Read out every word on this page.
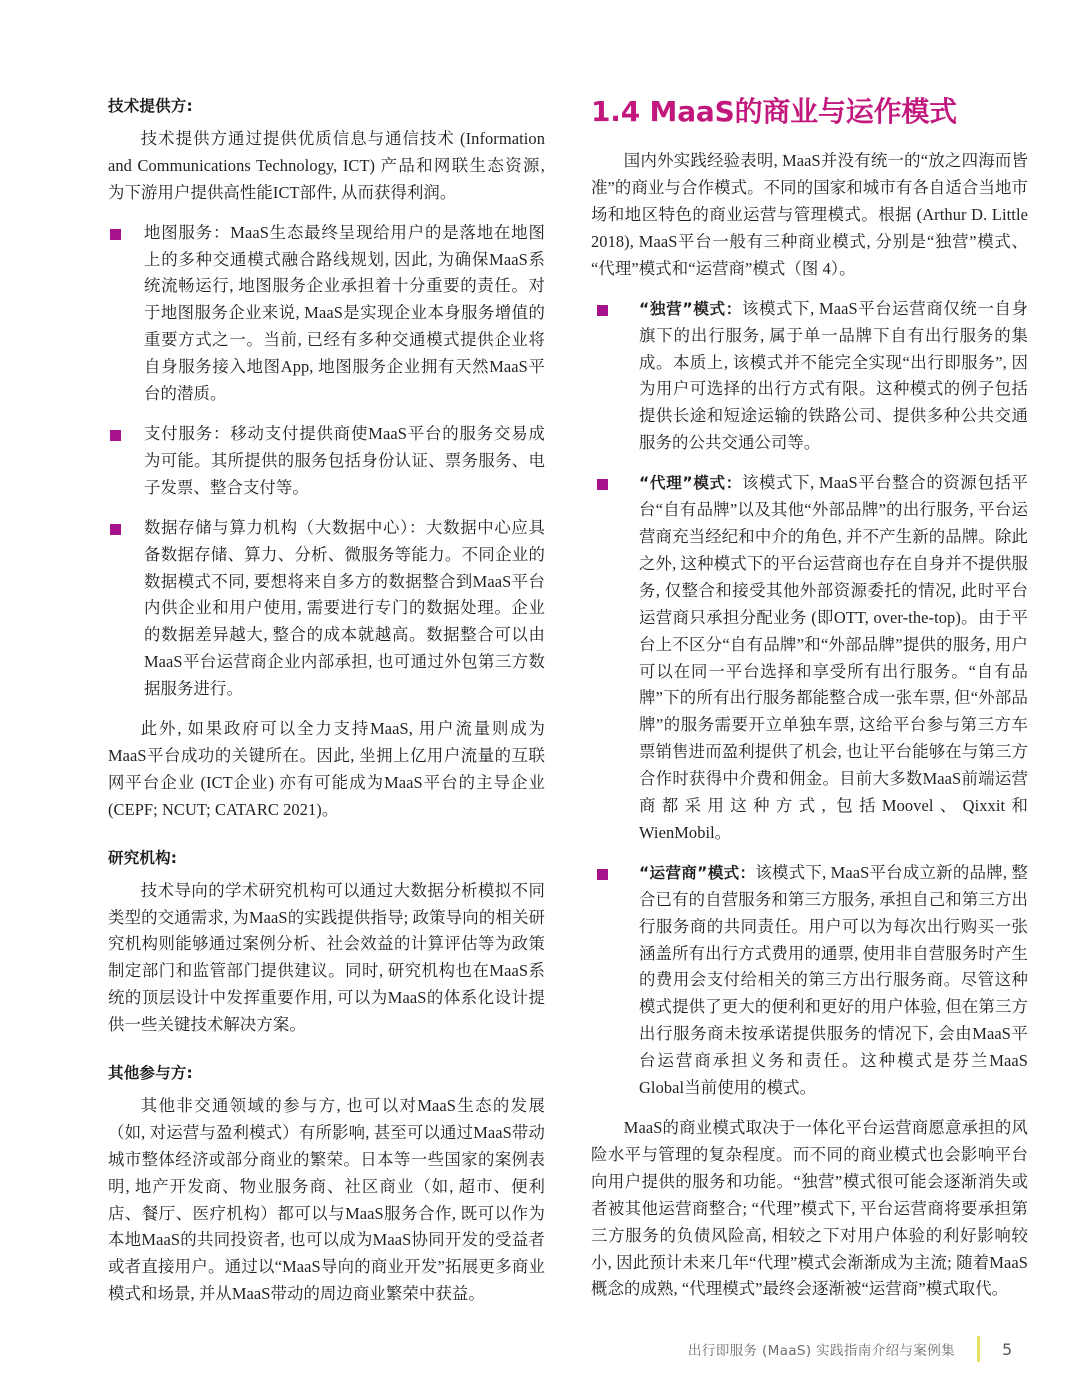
技术提供方:

技术提供方通过提供优质信息与通信技术 (Information and Communications Technology, ICT) 产品和网联生态资源, 为下游用户提供高性能ICT部件, 从而获得利润。

地图服务：MaaS生态最终呈现给用户的是落地在地图上的多种交通模式融合路线规划, 因此, 为确保MaaS系统流畅运行, 地图服务企业承担着十分重要的责任。对于地图服务企业来说, MaaS是实现企业本身服务增值的重要方式之一。当前, 已经有多种交通模式提供企业将自身服务接入地图App, 地图服务企业拥有天然MaaS平台的潜质。
支付服务：移动支付提供商使MaaS平台的服务交易成为可能。其所提供的服务包括身份认证、票务服务、电子发票、整合支付等。
数据存储与算力机构（大数据中心）：大数据中心应具备数据存储、算力、分析、微服务等能力。不同企业的数据模式不同, 要想将来自多方的数据整合到MaaS平台内供企业和用户使用, 需要进行专门的数据处理。企业的数据差异越大, 整合的成本就越高。数据整合可以由MaaS平台运营商企业内部承担, 也可通过外包第三方数据服务进行。

此外, 如果政府可以全力支持MaaS, 用户流量则成为MaaS平台成功的关键所在。因此, 坐拥上亿用户流量的互联网平台企业 (ICT企业) 亦有可能成为MaaS平台的主导企业 (CEPF; NCUT; CATARC 2021)。

研究机构:

技术导向的学术研究机构可以通过大数据分析模拟不同类型的交通需求, 为MaaS的实践提供指导; 政策导向的相关研究机构则能够通过案例分析、社会效益的计算评估等为政策制定部门和监管部门提供建议。同时, 研究机构也在MaaS系统的顶层设计中发挥重要作用, 可以为MaaS的体系化设计提供一些关键技术解决方案。

其他参与方:

其他非交通领域的参与方, 也可以对MaaS生态的发展（如, 对运营与盈利模式）有所影响, 甚至可以通过MaaS带动城市整体经济或部分商业的繁荣。日本等一些国家的案例表明, 地产开发商、物业服务商、社区商业（如, 超市、便利店、餐厅、医疗机构）都可以与MaaS服务合作, 既可以作为本地MaaS的共同投资者, 也可以成为MaaS协同开发的受益者或者直接用户。通过以“MaaS导向的商业开发”拓展更多商业模式和场景, 并从MaaS带动的周边商业繁荣中获益。

1.4 MaaS的商业与运作模式

国内外实践经验表明, MaaS并没有统一的“放之四海而皆准”的商业与合作模式。不同的国家和城市有各自适合当地市场和地区特色的商业运营与管理模式。根据 (Arthur D. Little 2018), MaaS平台一般有三种商业模式, 分别是“独营”模式、“代理”模式和“运营商”模式（图 4）。

“独营”模式：该模式下, MaaS平台运营商仅统一自身旗下的出行服务, 属于单一品牌下自有出行服务的集成。本质上, 该模式并不能完全实现“出行即服务”, 因为用户可选择的出行方式有限。这种模式的例子包括提供长途和短途运输的铁路公司、提供多种公共交通服务的公共交通公司等。
“代理”模式：该模式下, MaaS平台整合的资源包括平台“自有品牌”以及其他“外部品牌”的出行服务, 平台运营商充当经纪和中介的角色, 并不产生新的品牌。除此之外, 这种模式下的平台运营商也存在自身并不提供服务, 仅整合和接受其他外部资源委托的情况, 此时平台运营商只承担分配业务 (即OTT, over-the-top)。由于平台上不区分“自有品牌”和“外部品牌”提供的服务, 用户可以在同一平台选择和享受所有出行服务。“自有品牌”下的所有出行服务都能整合成一张车票, 但“外部品牌”的服务需要开立单独车票, 这给平台参与第三方车票销售进而盈利提供了机会, 也让平台能够在与第三方合作时获得中介费和佣金。目前大多数MaaS前端运营商都采用这种方式, 包括Moovel、Qixxit和WienMobil。
“运营商”模式：该模式下, MaaS平台成立新的品牌, 整合已有的自营服务和第三方服务, 承担自己和第三方出行服务商的共同责任。用户可以为每次出行购买一张涵盖所有出行方式费用的通票, 使用非自营服务时产生的费用会支付给相关的第三方出行服务商。尽管这种模式提供了更大的便利和更好的用户体验, 但在第三方出行服务商未按承诺提供服务的情况下, 会由MaaS平台运营商承担义务和责任。这种模式是芬兰MaaS Global当前使用的模式。

MaaS的商业模式取决于一体化平台运营商愿意承担的风险水平与管理的复杂程度。而不同的商业模式也会影响平台向用户提供的服务和功能。“独营”模式很可能会逐渐消失或者被其他运营商整合; “代理”模式下, 平台运营商将要承担第三方服务的负债风险高, 相较之下对用户体验的利好影响较小, 因此预计未来几年“代理”模式会渐渐成为主流; 随着MaaS概念的成熟, “代理模式”最终会逐渐被“运营商”模式取代。

出行即服务 (MaaS) 实践指南介绍与案例集	5
